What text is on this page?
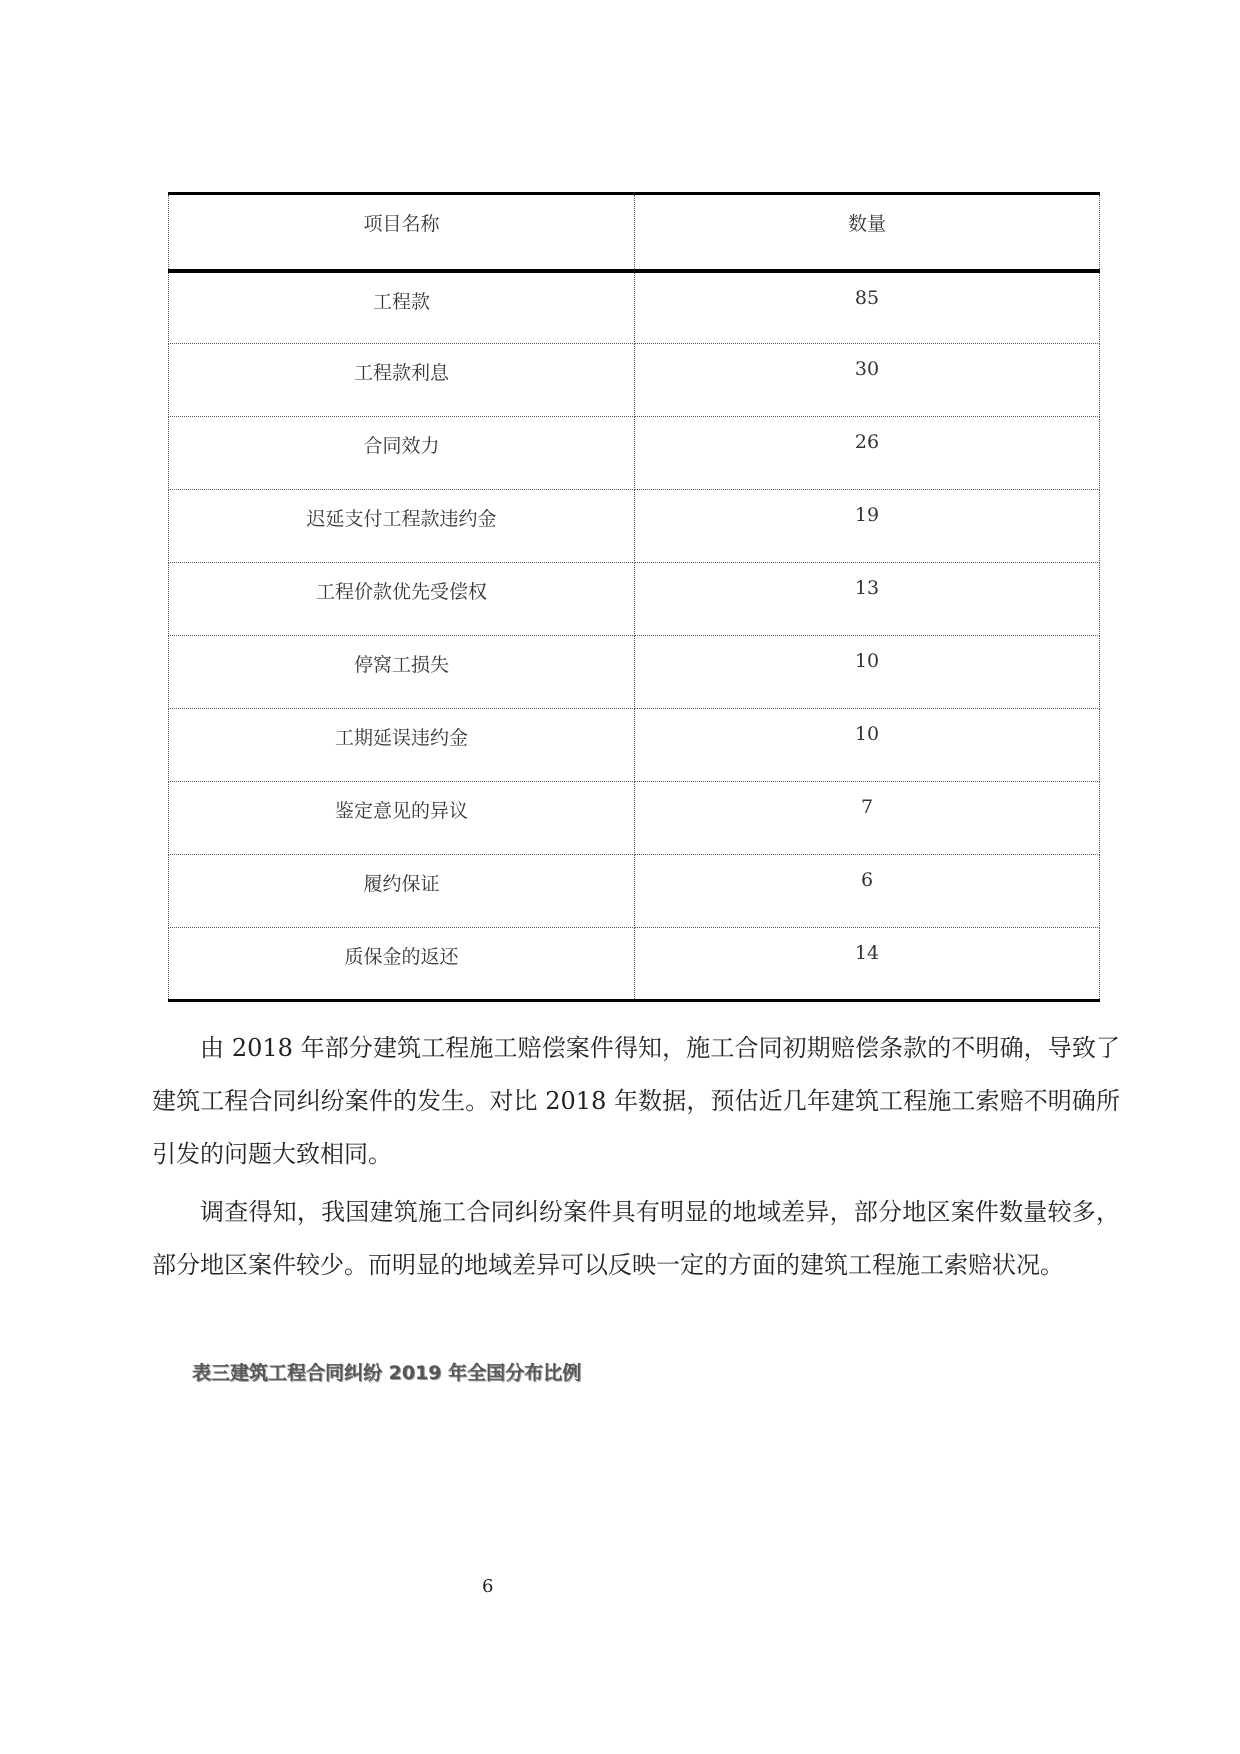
项目名称	数量
工程款	85
工程款利息	30
合同效力	26
迟延支付工程款违约金	19
工程价款优先受偿权	13
停窝工损失	10
工期延误违约金	10
鉴定意见的异议	7
履约保证	6
质保金的返还	14

由 2018 年部分建筑工程施工赔偿案件得知，施工合同初期赔偿条款的不明确，导致了建筑工程合同纠纷案件的发生。对比 2018 年数据，预估近几年建筑工程施工索赔不明确所引发的问题大致相同。

调查得知，我国建筑施工合同纠纷案件具有明显的地域差异，部分地区案件数量较多，部分地区案件较少。而明显的地域差异可以反映一定的方面的建筑工程施工索赔状况。

表三建筑工程合同纠纷 2019 年全国分布比例
6
